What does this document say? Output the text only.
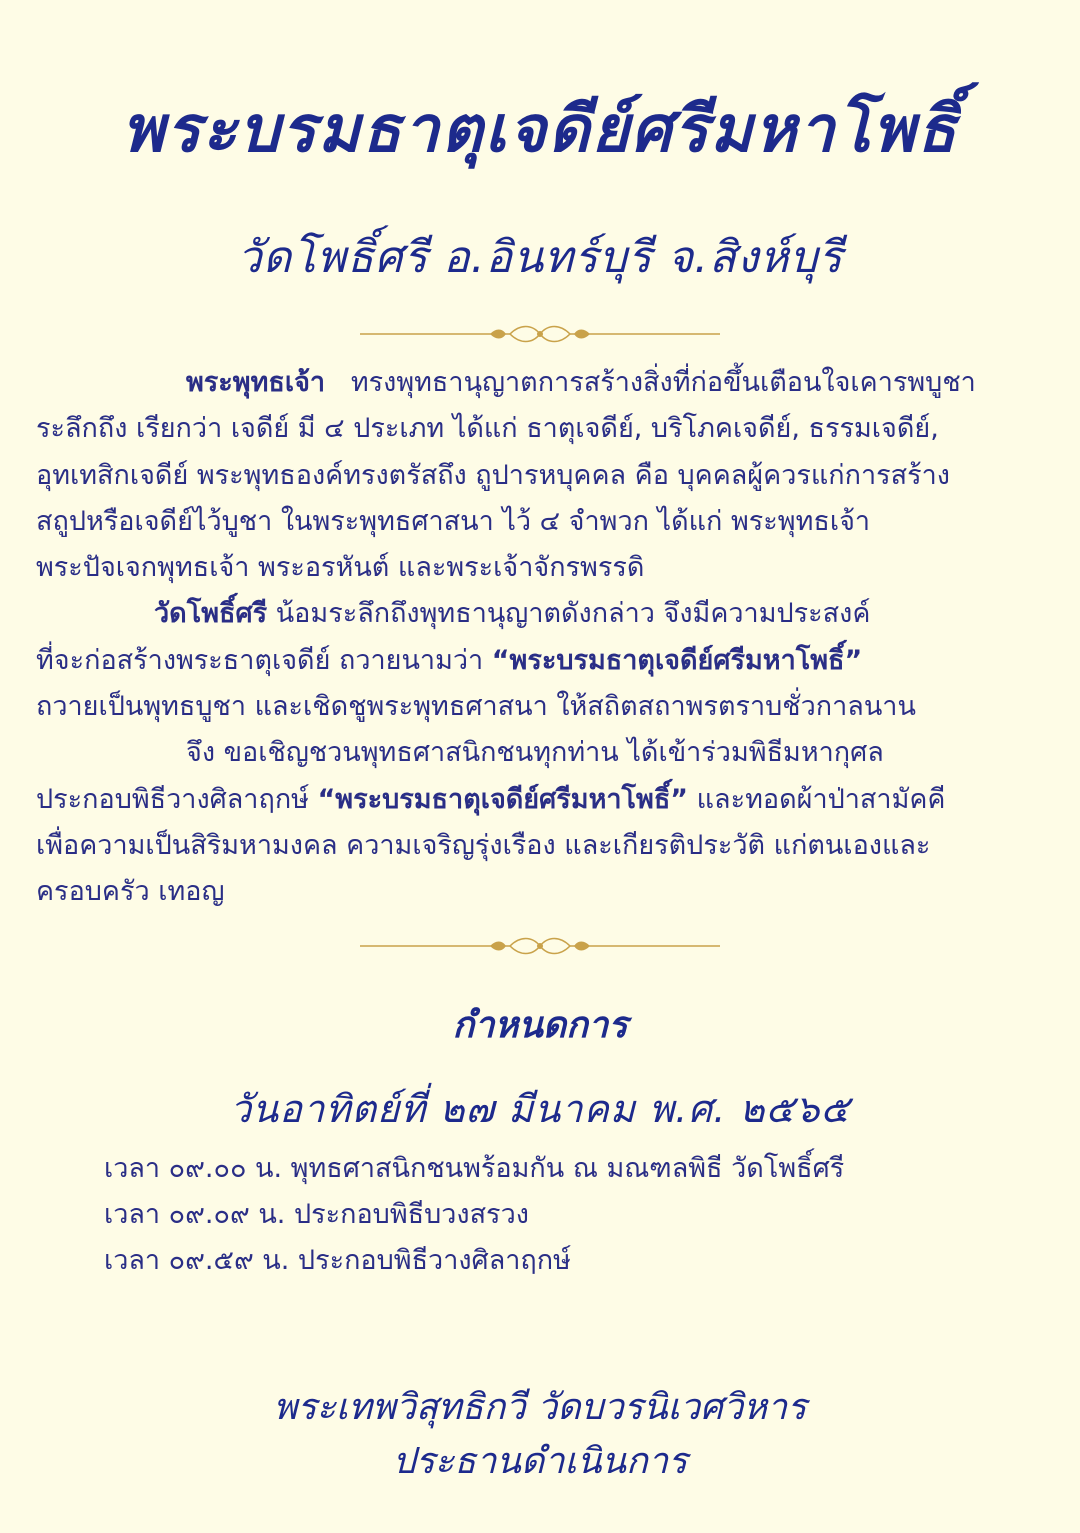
พระบรมธาตุเจดีย์ศรีมหาโพธิ์
วัดโพธิ์ศรี อ.อินทร์บุรี จ.สิงห์บุรี
พระพุทธเจ้า ทรงพุทธานุญาตการสร้างสิ่งที่ก่อขึ้นเตือนใจเคารพบูชา
ระลึกถึง เรียกว่า เจดีย์ มี ๔ ประเภท ได้แก่ ธาตุเจดีย์, บริโภคเจดีย์, ธรรมเจดีย์,
อุทเทสิกเจดีย์ พระพุทธองค์ทรงตรัสถึง ถูปารหบุคคล คือ บุคคลผู้ควรแก่การสร้าง
สถูปหรือเจดีย์ไว้บูชา ในพระพุทธศาสนา ไว้ ๔ จำพวก ได้แก่ พระพุทธเจ้า
พระปัจเจกพุทธเจ้า พระอรหันต์ และพระเจ้าจักรพรรดิ
วัดโพธิ์ศรี น้อมระลึกถึงพุทธานุญาตดังกล่าว จึงมีความประสงค์
ที่จะก่อสร้างพระธาตุเจดีย์ ถวายนามว่า “พระบรมธาตุเจดีย์ศรีมหาโพธิ์”
ถวายเป็นพุทธบูชา และเชิดชูพระพุทธศาสนา ให้สถิตสถาพรตราบชั่วกาลนาน
จึง ขอเชิญชวนพุทธศาสนิกชนทุกท่าน ได้เข้าร่วมพิธีมหากุศล
ประกอบพิธีวางศิลาฤกษ์ “พระบรมธาตุเจดีย์ศรีมหาโพธิ์” และทอดผ้าป่าสามัคคี
เพื่อความเป็นสิริมหามงคล ความเจริญรุ่งเรือง และเกียรติประวัติ แก่ตนเองและ
ครอบครัว เทอญ
กำหนดการ
วันอาทิตย์ที่ ๒๗ มีนาคม พ.ศ. ๒๕๖๕
เวลา ๐๙.๐๐ น. พุทธศาสนิกชนพร้อมกัน ณ มณฑลพิธี วัดโพธิ์ศรี
เวลา ๐๙.๐๙ น. ประกอบพิธีบวงสรวง
เวลา ๐๙.๕๙ น. ประกอบพิธีวางศิลาฤกษ์
พระเทพวิสุทธิกวี วัดบวรนิเวศวิหาร
ประธานดำเนินการ
